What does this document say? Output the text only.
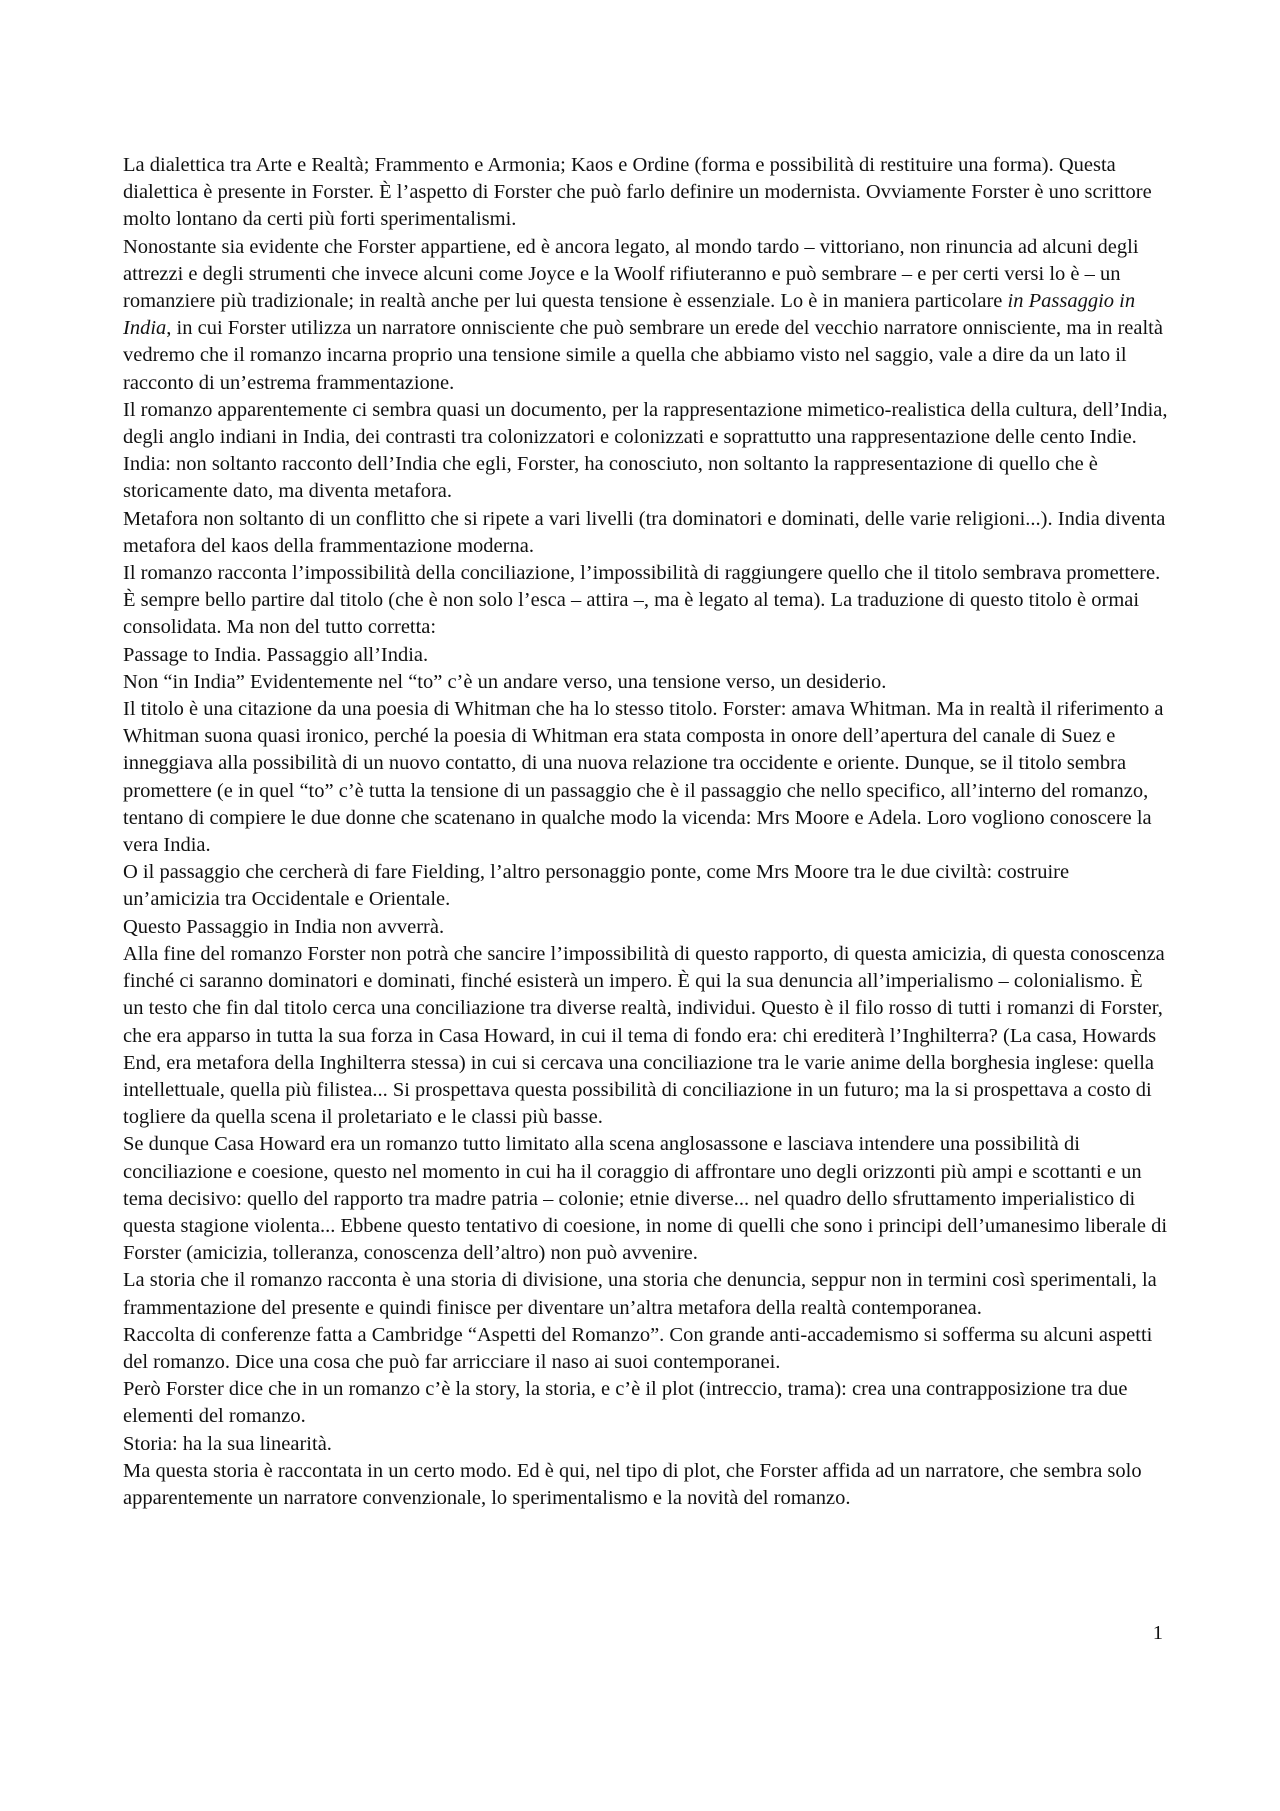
La dialettica tra Arte e Realtà; Frammento e Armonia; Kaos e Ordine (forma e possibilità di restituire una forma). Questa dialettica è presente in Forster. È l’aspetto di Forster che può farlo definire un modernista. Ovviamente Forster è uno scrittore molto lontano da certi più forti sperimentalismi.

Nonostante sia evidente che Forster appartiene, ed è ancora legato, al mondo tardo – vittoriano, non rinuncia ad alcuni degli attrezzi e degli strumenti che invece alcuni come Joyce e la Woolf rifiuteranno e può sembrare – e per certi versi lo è – un romanziere più tradizionale; in realtà anche per lui questa tensione è essenziale. Lo è in maniera particolare in Passaggio in India, in cui Forster utilizza un narratore onnisciente che può sembrare un erede del vecchio narratore onnisciente, ma in realtà vedremo che il romanzo incarna proprio una tensione simile a quella che abbiamo visto nel saggio, vale a dire da un lato il racconto di un’estrema frammentazione.

Il romanzo apparentemente ci sembra quasi un documento, per la rappresentazione mimetico-realistica della cultura, dell’India, degli anglo indiani in India, dei contrasti tra colonizzatori e colonizzati e soprattutto una rappresentazione delle cento Indie.

India: non soltanto racconto dell’India che egli, Forster, ha conosciuto, non soltanto la rappresentazione di quello che è storicamente dato, ma diventa metafora.

Metafora non soltanto di un conflitto che si ripete a vari livelli (tra dominatori e dominati, delle varie religioni...). India diventa metafora del kaos della frammentazione moderna.

Il romanzo racconta l’impossibilità della conciliazione, l’impossibilità di raggiungere quello che il titolo sembrava promettere.

È sempre bello partire dal titolo (che è non solo l’esca – attira –, ma è legato al tema). La traduzione di questo titolo è ormai consolidata. Ma non del tutto corretta:

Passage to India. Passaggio all’India.

Non “in India” Evidentemente nel “to” c’è un andare verso, una tensione verso, un desiderio.

Il titolo è una citazione da una poesia di Whitman che ha lo stesso titolo. Forster: amava Whitman. Ma in realtà il riferimento a Whitman suona quasi ironico, perché la poesia di Whitman era stata composta in onore dell’apertura del canale di Suez e inneggiava alla possibilità di un nuovo contatto, di una nuova relazione tra occidente e oriente. Dunque, se il titolo sembra promettere (e in quel “to” c’è tutta la tensione di un passaggio che è il passaggio che nello specifico, all’interno del romanzo, tentano di compiere le due donne che scatenano in qualche modo la vicenda: Mrs Moore e Adela. Loro vogliono conoscere la vera India.

O il passaggio che cercherà di fare Fielding, l’altro personaggio ponte, come Mrs Moore tra le due civiltà: costruire un’amicizia tra Occidentale e Orientale.

Questo Passaggio in India non avverrà.

Alla fine del romanzo Forster non potrà che sancire l’impossibilità di questo rapporto, di questa amicizia, di questa conoscenza finché ci saranno dominatori e dominati, finché esisterà un impero. È qui la sua denuncia all’imperialismo – colonialismo. È un testo che fin dal titolo cerca una conciliazione tra diverse realtà, individui. Questo è il filo rosso di tutti i romanzi di Forster, che era apparso in tutta la sua forza in Casa Howard, in cui il tema di fondo era: chi erediterà l’Inghilterra? (La casa, Howards End, era metafora della Inghilterra stessa) in cui si cercava una conciliazione tra le varie anime della borghesia inglese: quella intellettuale, quella più filistea... Si prospettava questa possibilità di conciliazione in un futuro; ma la si prospettava a costo di togliere da quella scena il proletariato e le classi più basse.

Se dunque Casa Howard era un romanzo tutto limitato alla scena anglosassone e lasciava intendere una possibilità di conciliazione e coesione, questo nel momento in cui ha il coraggio di affrontare uno degli orizzonti più ampi e scottanti e un tema decisivo: quello del rapporto tra madre patria – colonie; etnie diverse... nel quadro dello sfruttamento imperialistico di questa stagione violenta... Ebbene questo tentativo di coesione, in nome di quelli che sono i principi dell’umanesimo liberale di Forster (amicizia, tolleranza, conoscenza dell’altro) non può avvenire.

La storia che il romanzo racconta è una storia di divisione, una storia che denuncia, seppur non in termini così sperimentali, la frammentazione del presente e quindi finisce per diventare un’altra metafora della realtà contemporanea.

Raccolta di conferenze fatta a Cambridge “Aspetti del Romanzo”. Con grande anti-accademismo si sofferma su alcuni aspetti del romanzo. Dice una cosa che può far arricciare il naso ai suoi contemporanei.

Però Forster dice che in un romanzo c’è la story, la storia, e c’è il plot (intreccio, trama): crea una contrapposizione tra due elementi del romanzo.

Storia: ha la sua linearità.

Ma questa storia è raccontata in un certo modo. Ed è qui, nel tipo di plot, che Forster affida ad un narratore, che sembra solo apparentemente un narratore convenzionale, lo sperimentalismo e la novità del romanzo.

1
